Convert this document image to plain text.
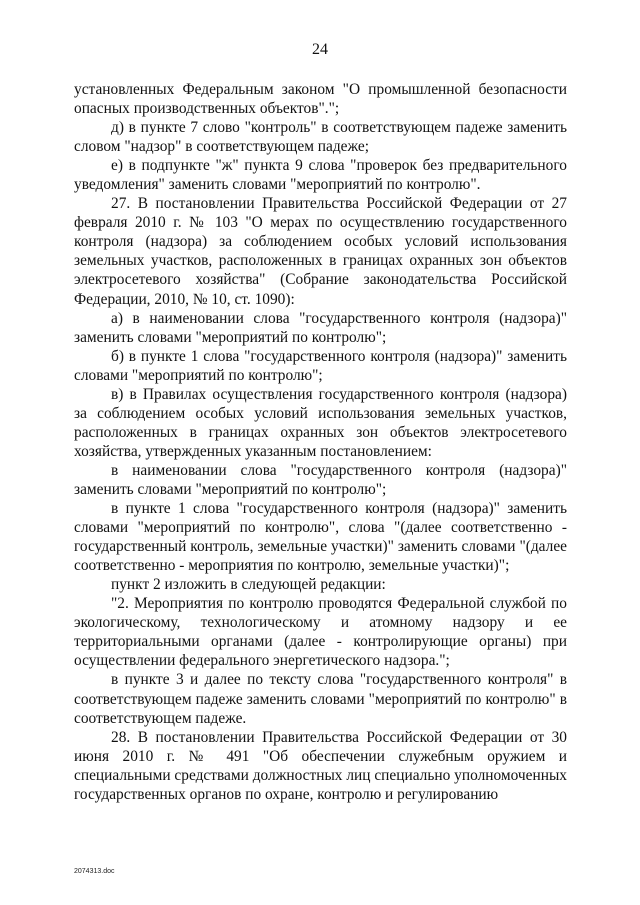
24

установленных Федеральным законом "О промышленной безопасности опасных производственных объектов".";

д) в пункте 7 слово "контроль" в соответствующем падеже заменить словом "надзор" в соответствующем падеже;

е) в подпункте "ж" пункта 9 слова "проверок без предварительного уведомления" заменить словами "мероприятий по контролю".

27. В постановлении Правительства Российской Федерации от 27 февраля 2010 г. № 103 "О мерах по осуществлению государственного контроля (надзора) за соблюдением особых условий использования земельных участков, расположенных в границах охранных зон объектов электросетевого хозяйства" (Собрание законодательства Российской Федерации, 2010, № 10, ст. 1090):

а) в наименовании слова "государственного контроля (надзора)" заменить словами "мероприятий по контролю";

б) в пункте 1 слова "государственного контроля (надзора)" заменить словами "мероприятий по контролю";

в) в Правилах осуществления государственного контроля (надзора) за соблюдением особых условий использования земельных участков, расположенных в границах охранных зон объектов электросетевого хозяйства, утвержденных указанным постановлением:

в наименовании слова "государственного контроля (надзора)" заменить словами "мероприятий по контролю";

в пункте 1 слова "государственного контроля (надзора)" заменить словами "мероприятий по контролю", слова "(далее соответственно - государственный контроль, земельные участки)" заменить словами "(далее соответственно - мероприятия по контролю, земельные участки)";

пункт 2 изложить в следующей редакции:

"2. Мероприятия по контролю проводятся Федеральной службой по экологическому, технологическому и атомному надзору и ее территориальными органами (далее - контролирующие органы) при осуществлении федерального энергетического надзора.";

в пункте 3 и далее по тексту слова "государственного контроля" в соответствующем падеже заменить словами "мероприятий по контролю" в соответствующем падеже.

28. В постановлении Правительства Российской Федерации от 30 июня 2010 г. № 491 "Об обеспечении служебным оружием и специальными средствами должностных лиц специально уполномоченных государственных органов по охране, контролю и регулированию

2074313.doc
